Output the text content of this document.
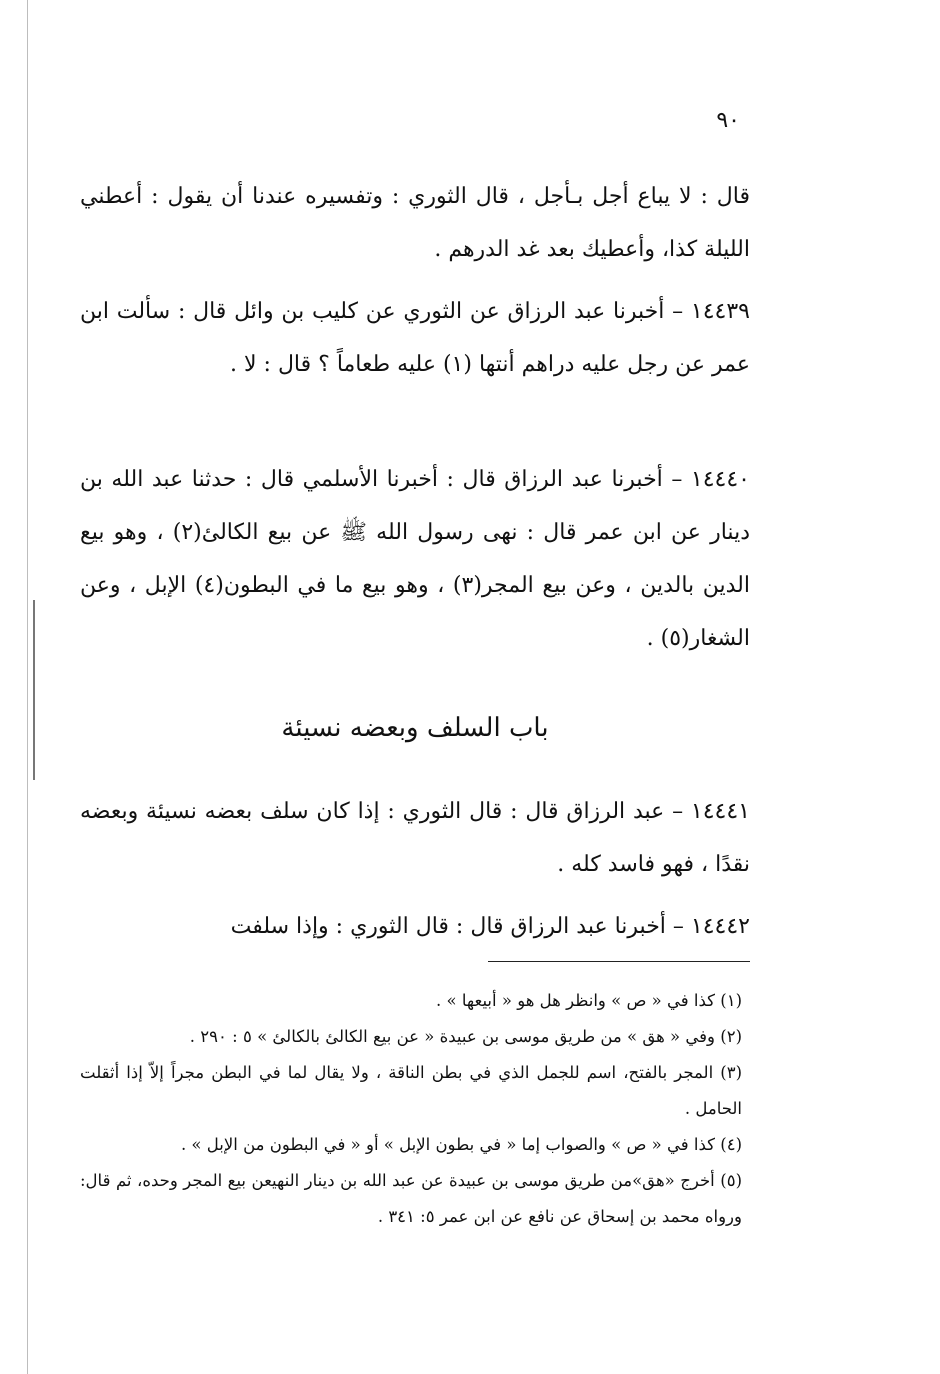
٩٠

قال : لا يباع أجل بـأجل ، قال الثوري : وتفسيره عندنا أن يقول : أعطني الليلة كذا، وأعطيك بعد غد الدرهم .

١٤٤٣٩ – أخبرنا عبد الرزاق عن الثوري عن كليب بن وائل قال : سألت ابن عمر عن رجل عليه دراهم أنتها (١) عليه طعاماً ؟ قال : لا .

١٤٤٤٠ – أخبرنا عبد الرزاق قال : أخبرنا الأسلمي قال : حدثنا عبد الله بن دينار عن ابن عمر قال : نهى رسول الله ﷺ عن بيع الكالئ(٢) ، وهو بيع الدين بالدين ، وعن بيع المجر(٣) ، وهو بيع ما في البطون(٤) الإبل ، وعن الشغار(٥) .

باب السلف وبعضه نسيئة

١٤٤٤١ – عبد الرزاق قال : قال الثوري : إذا كان سلف بعضه نسيئة وبعضه نقدًا ، فهو فاسد كله .

١٤٤٤٢ – أخبرنا عبد الرزاق قال : قال الثوري : وإذا سلفت

(١) كذا في « ص » وانظر هل هو « أبيعها » .

(٢) وفي « هق » من طريق موسى بن عبيدة « عن بيع الكالئ بالكالئ » ٥ : ٢٩٠ .

(٣) المجر بالفتح، اسم للجمل الذي في بطن الناقة ، ولا يقال لما في البطن مجراً إلاّ إذا أثقلت الحامل .

(٤) كذا في « ص » والصواب إما « في بطون الإبل » أو « في البطون من الإبل » .

(٥) أخرج «هق»من طريق موسى بن عبيدة عن عبد الله بن دينار النهيعن بيع المجر وحده، ثم قال: ورواه محمد بن إسحاق عن نافع عن ابن عمر ٥: ٣٤١ .
